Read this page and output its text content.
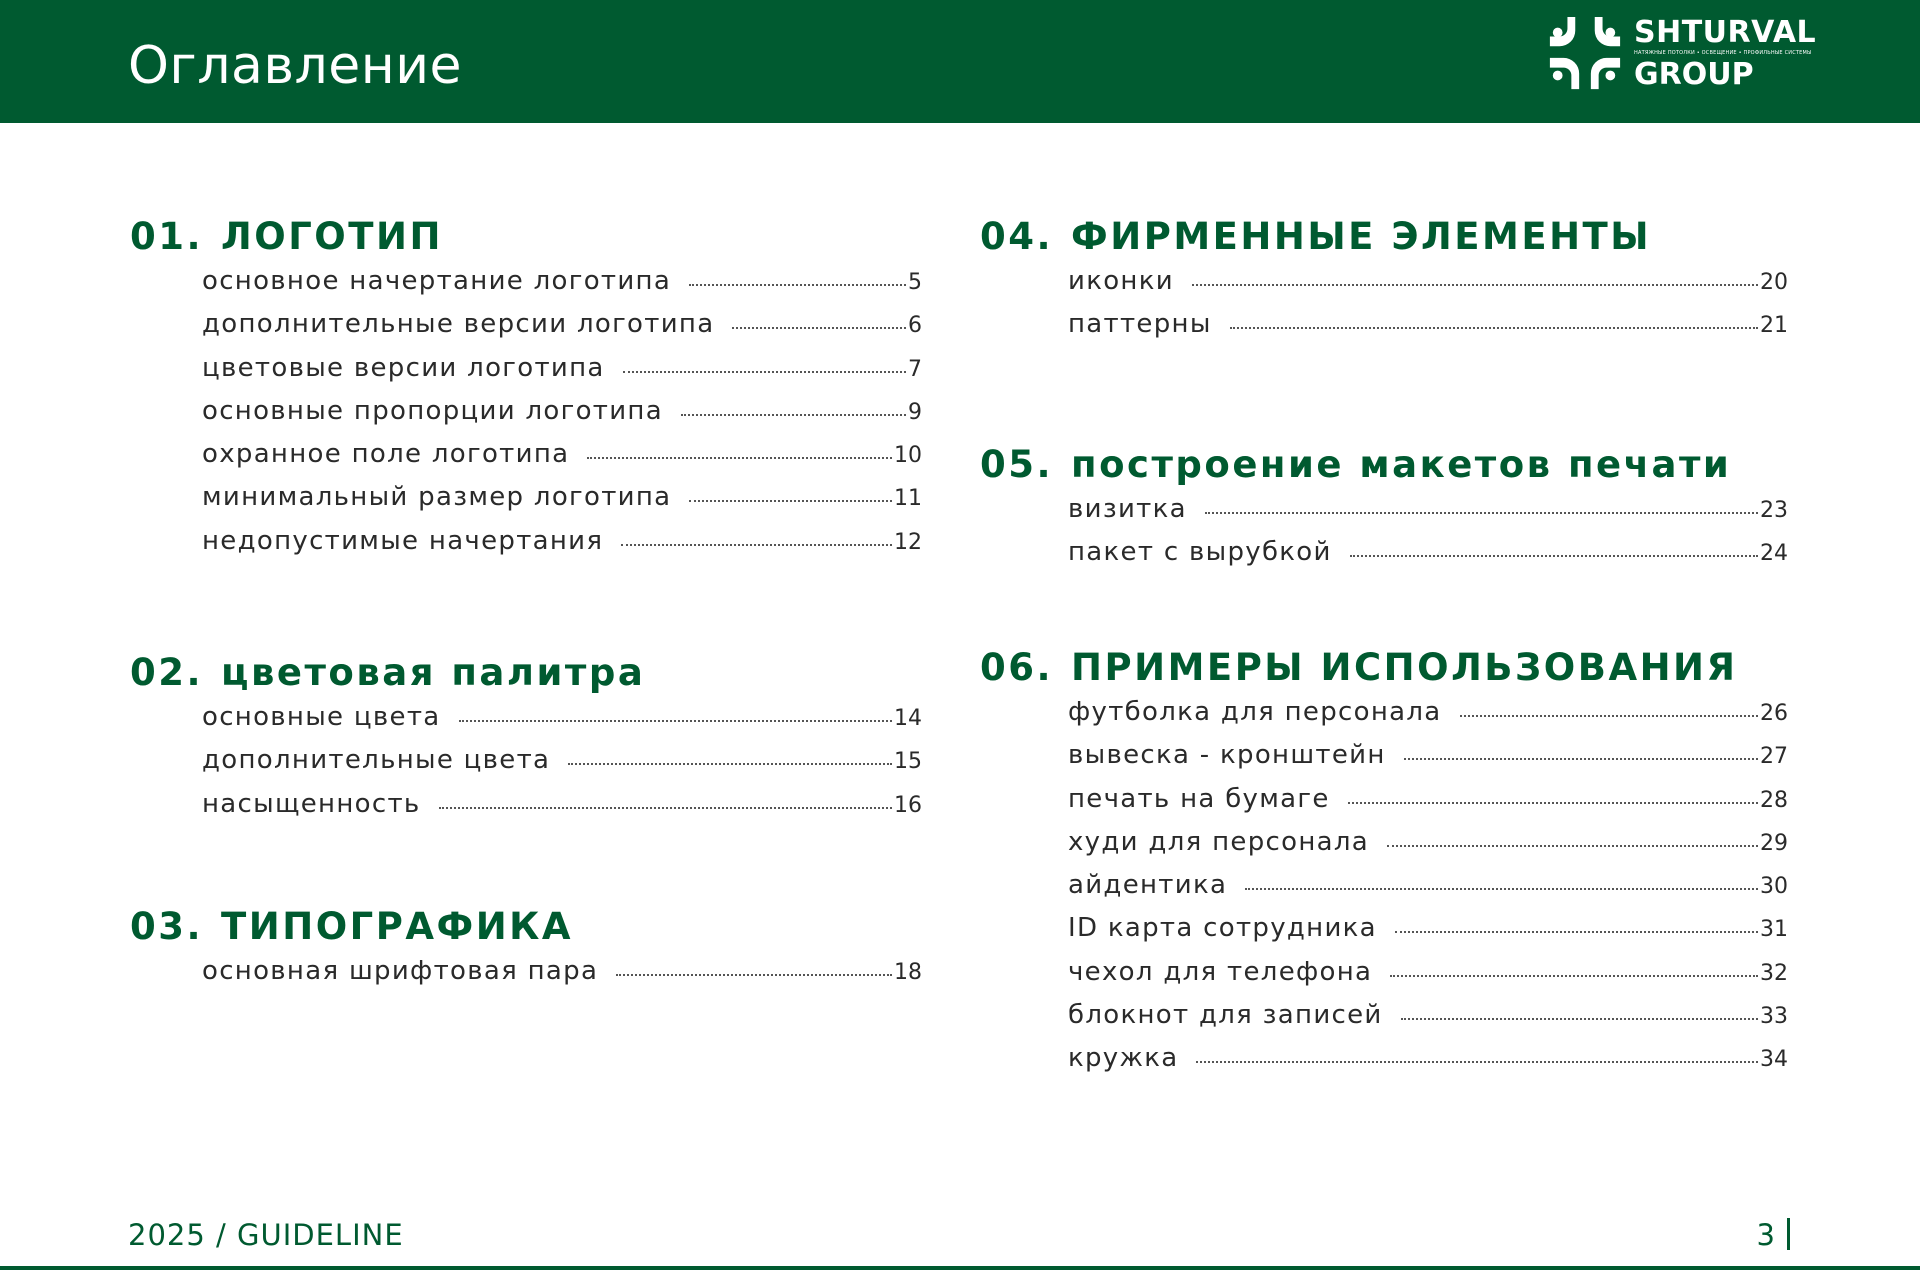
Оглавление
SHTURVAL
НАТЯЖНЫЕ ПОТОЛКИ • ОСВЕЩЕНИЕ • ПРОФИЛЬНЫЕ СИСТЕМЫ
GROUP
01. ЛОГОТИП
основное начертание логотипа	5
дополнительные версии логотипа	6
цветовые версии логотипа	7
основные пропорции логотипа	9
охранное поле логотипа	10
минимальный размер логотипа	11
недопустимые начертания	12
02. цветовая палитра
основные цвета	14
дополнительные цвета	15
насыщенность	16
03. ТИПОГРАФИКА
основная шрифтовая пара	18
04. ФИРМЕННЫЕ ЭЛЕМЕНТЫ
иконки	20
паттерны	21
05. построение макетов печати
визитка	23
пакет с вырубкой	24
06. ПРИМЕРЫ ИСПОЛЬЗОВАНИЯ
футболка для персонала	26
вывеска - кронштейн	27
печать на бумаге	28
худи для персонала	29
айдентика	30
ID карта сотрудника	31
чехол для телефона	32
блокнот для записей	33
кружка	34
2025 / GUIDELINE	3
